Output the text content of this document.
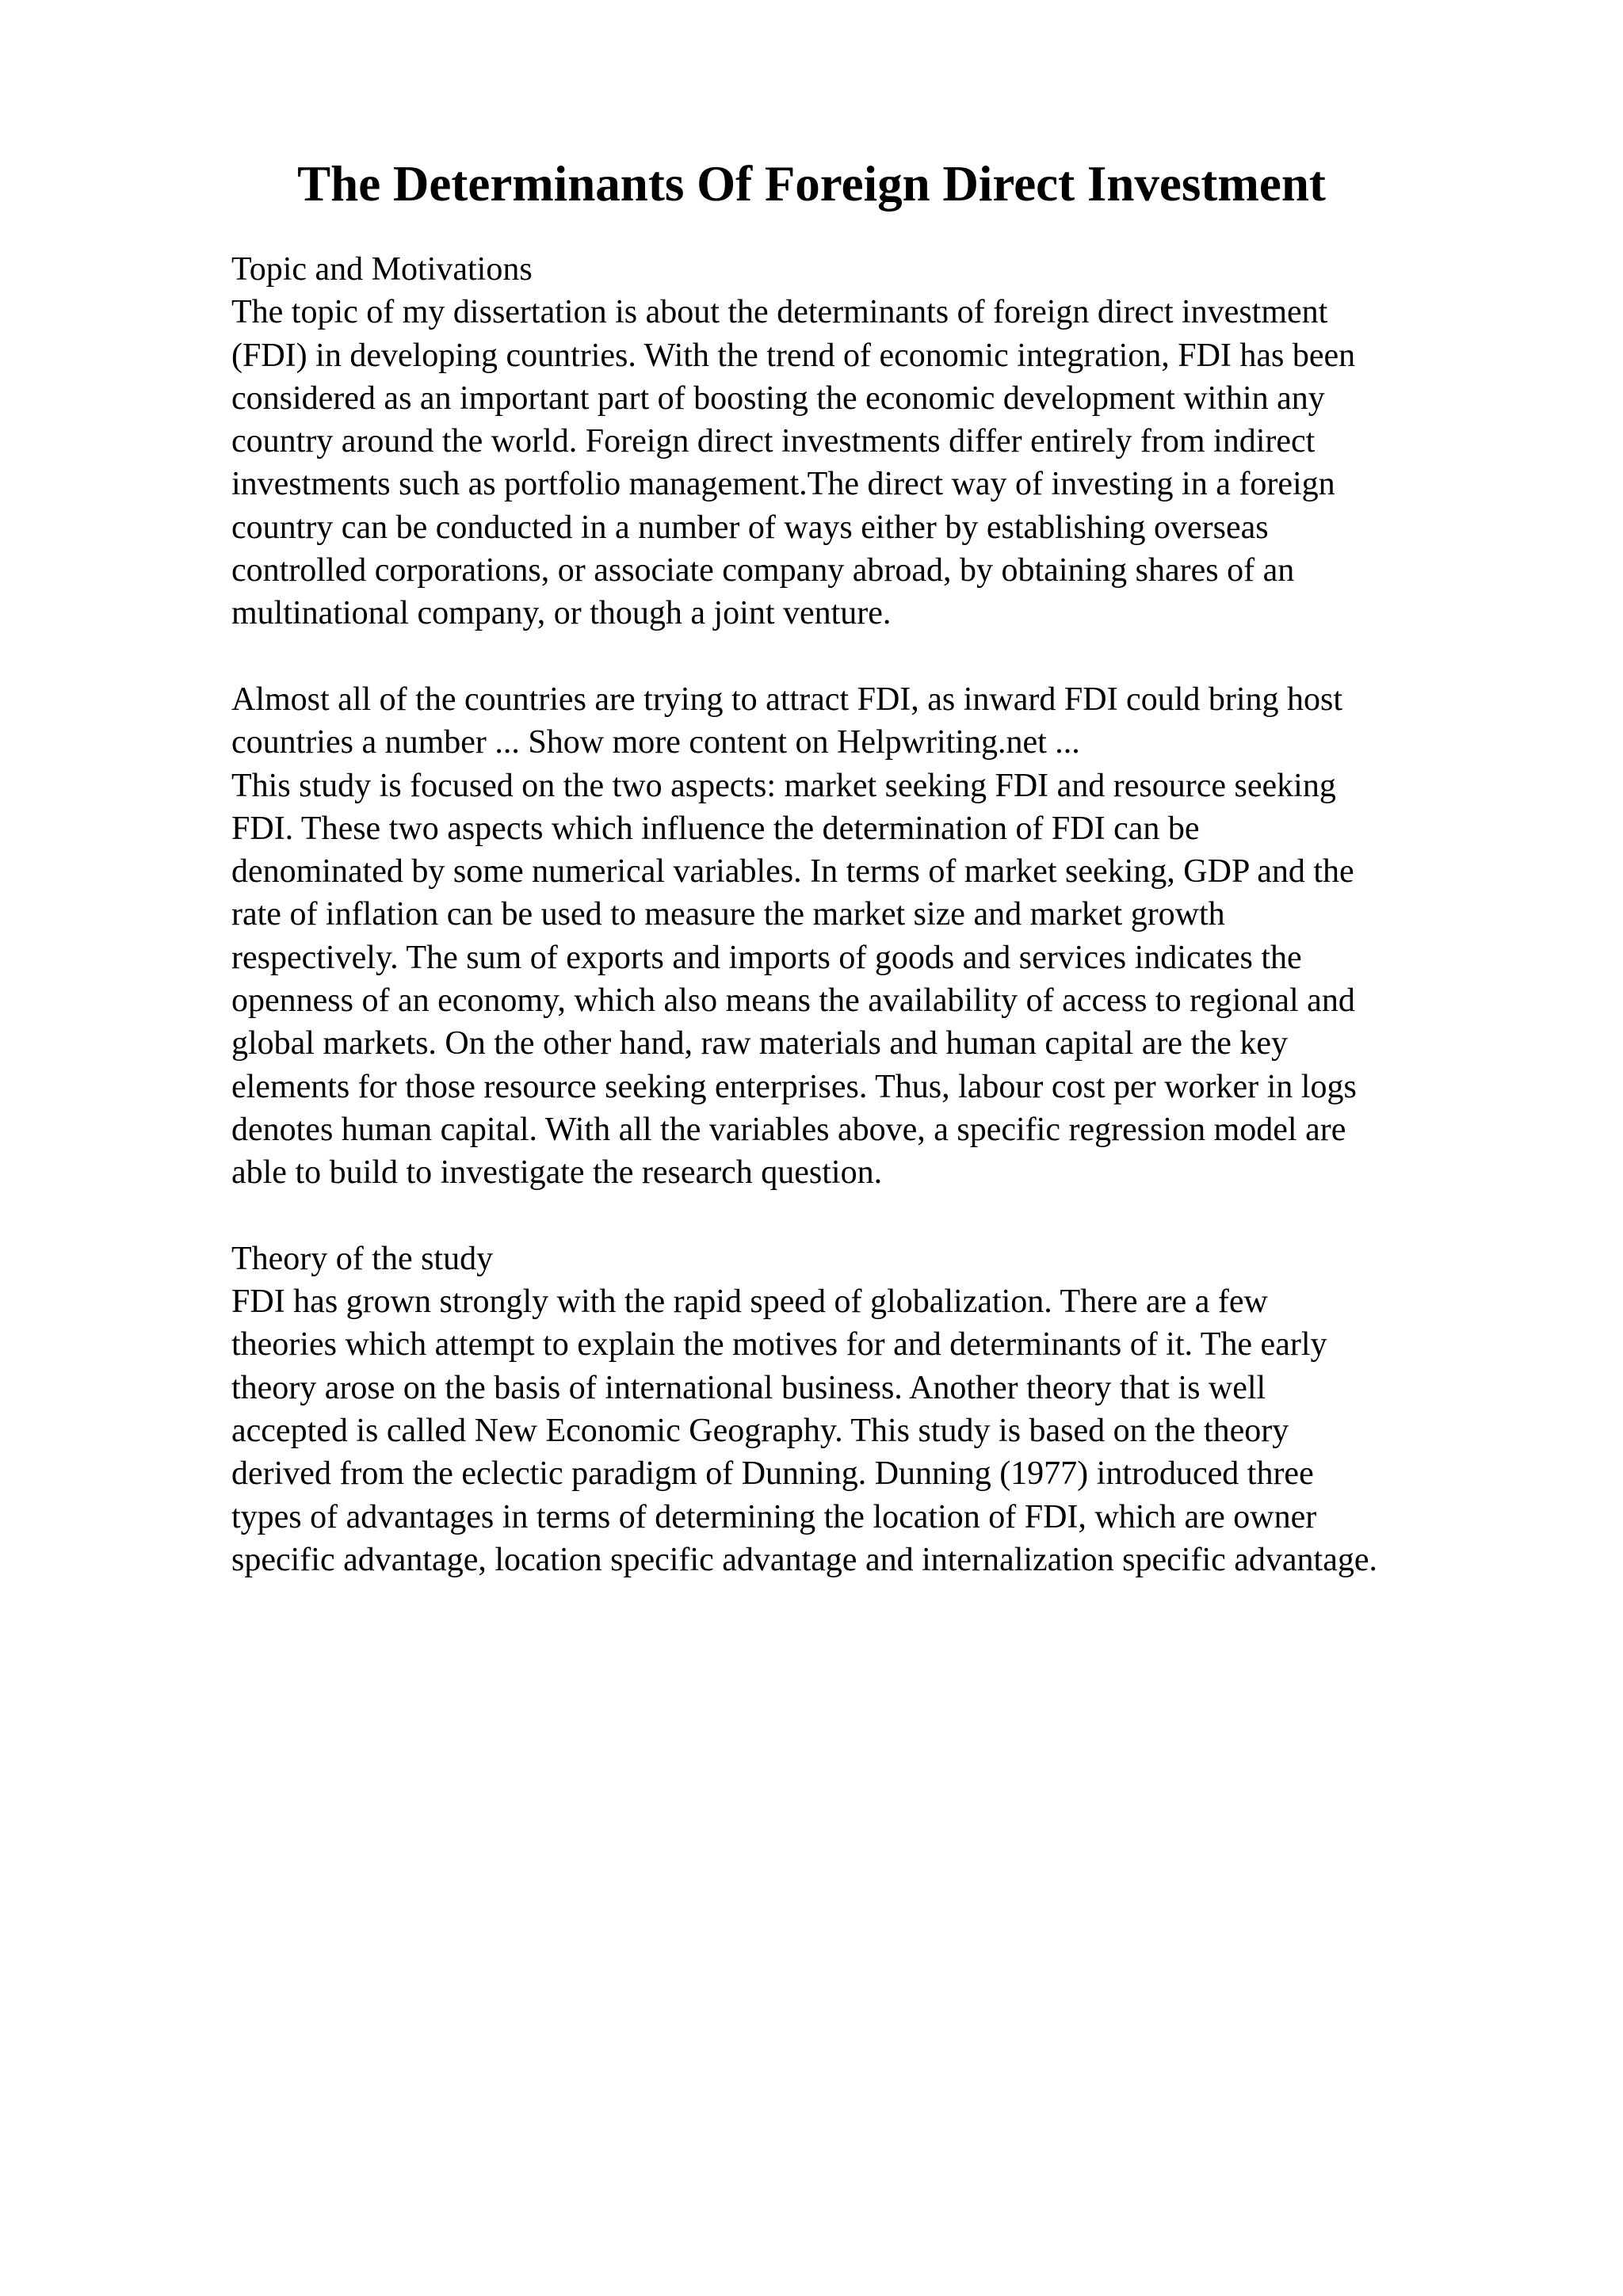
The Determinants Of Foreign Direct Investment
Topic and Motivations
The topic of my dissertation is about the determinants of foreign direct investment
(FDI) in developing countries. With the trend of economic integration, FDI has been
considered as an important part of boosting the economic development within any
country around the world. Foreign direct investments differ entirely from indirect
investments such as portfolio management.The direct way of investing in a foreign
country can be conducted in a number of ways either by establishing overseas
controlled corporations, or associate company abroad, by obtaining shares of an
multinational company, or though a joint venture.
Almost all of the countries are trying to attract FDI, as inward FDI could bring host
countries a number ... Show more content on Helpwriting.net ...
This study is focused on the two aspects: market seeking FDI and resource seeking
FDI. These two aspects which influence the determination of FDI can be
denominated by some numerical variables. In terms of market seeking, GDP and the
rate of inflation can be used to measure the market size and market growth
respectively. The sum of exports and imports of goods and services indicates the
openness of an economy, which also means the availability of access to regional and
global markets. On the other hand, raw materials and human capital are the key
elements for those resource seeking enterprises. Thus, labour cost per worker in logs
denotes human capital. With all the variables above, a specific regression model are
able to build to investigate the research question.
Theory of the study
FDI has grown strongly with the rapid speed of globalization. There are a few
theories which attempt to explain the motives for and determinants of it. The early
theory arose on the basis of international business. Another theory that is well
accepted is called New Economic Geography. This study is based on the theory
derived from the eclectic paradigm of Dunning. Dunning (1977) introduced three
types of advantages in terms of determining the location of FDI, which are owner
specific advantage, location specific advantage and internalization specific advantage.
